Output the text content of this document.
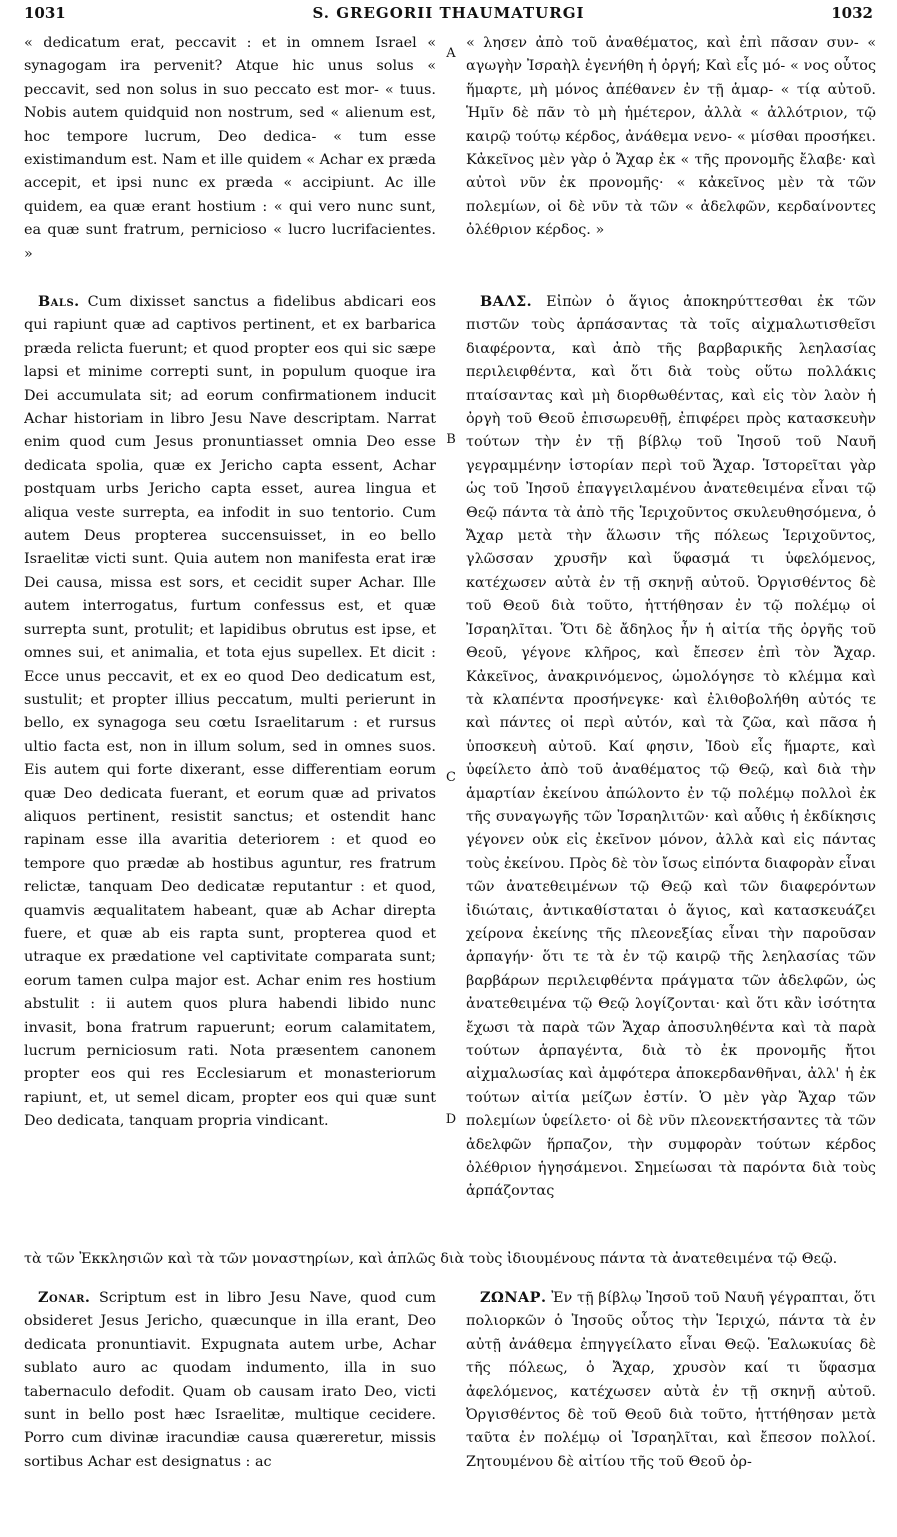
1031	S. GREGORII THAUMATURGI	1032

« dedicatum erat, peccavit : et in omnem Israel « synagogam ira pervenit? Atque hic unus solus « peccavit, sed non solus in suo peccato est mor- « tuus. Nobis autem quidquid non nostrum, sed « alienum est, hoc tempore lucrum, Deo dedica- « tum esse existimandum est. Nam et ille quidem « Achar ex præda accepit, et ipsi nunc ex præda « accipiunt. Ac ille quidem, ea quæ erant hostium : « qui vero nunc sunt, ea quæ sunt fratrum, pernicioso « lucro lucrifacientes. »

« λησεν ἀπὸ τοῦ ἀναθέματος, καὶ ἐπὶ πᾶσαν συν- « αγωγὴν Ἰσραὴλ ἐγενήθη ἡ ὀργή; Καὶ εἷς μό- « νος οὗτος ἥμαρτε, μὴ μόνος ἀπέθανεν ἐν τῇ ἁμαρ- « τίᾳ αὐτοῦ. Ἡμῖν δὲ πᾶν τὸ μὴ ἡμέτερον, ἀλλὰ « ἀλλότριον, τῷ καιρῷ τούτῳ κέρδος, ἀνάθεμα νενο- « μίσθαι προσήκει. Κἀκεῖνος μὲν γὰρ ὁ Ἄχαρ ἐκ « τῆς προνομῆς ἔλαβε· καὶ αὐτοὶ νῦν ἐκ προνομῆς· « κἀκεῖνος μὲν τὰ τῶν πολεμίων, οἱ δὲ νῦν τὰ τῶν « ἀδελφῶν, κερδαίνοντες ὀλέθριον κέρδος. »

A
B
C
D

Bals. Cum dixisset sanctus a fidelibus abdicari eos qui rapiunt quæ ad captivos pertinent, et ex barbarica præda relicta fuerunt; et quod propter eos qui sic sæpe lapsi et minime correpti sunt, in populum quoque ira Dei accumulata sit; ad eorum confirmationem inducit Achar historiam in libro Jesu Nave descriptam. Narrat enim quod cum Jesus pronuntiasset omnia Deo esse dedicata spolia, quæ ex Jericho capta essent, Achar postquam urbs Jericho capta esset, aurea lingua et aliqua veste surrepta, ea infodit in suo tentorio. Cum autem Deus propterea succensuisset, in eo bello Israelitæ victi sunt. Quia autem non manifesta erat iræ Dei causa, missa est sors, et cecidit super Achar. Ille autem interrogatus, furtum confessus est, et quæ surrepta sunt, protulit; et lapidibus obrutus est ipse, et omnes sui, et animalia, et tota ejus supellex. Et dicit : Ecce unus peccavit, et ex eo quod Deo dedicatum est, sustulit; et propter illius peccatum, multi perierunt in bello, ex synagoga seu cœtu Israelitarum : et rursus ultio facta est, non in illum solum, sed in omnes suos. Eis autem qui forte dixerant, esse differentiam eorum quæ Deo dedicata fuerant, et eorum quæ ad privatos aliquos pertinent, resistit sanctus; et ostendit hanc rapinam esse illa avaritia deteriorem : et quod eo tempore quo prædæ ab hostibus aguntur, res fratrum relictæ, tanquam Deo dedicatæ reputantur : et quod, quamvis æqualitatem habeant, quæ ab Achar direpta fuere, et quæ ab eis rapta sunt, propterea quod et utraque ex prædatione vel captivitate comparata sunt; eorum tamen culpa major est. Achar enim res hostium abstulit : ii autem quos plura habendi libido nunc invasit, bona fratrum rapuerunt; eorum calamitatem, lucrum perniciosum rati. Nota præsentem canonem propter eos qui res Ecclesiarum et monasteriorum rapiunt, et, ut semel dicam, propter eos qui quæ sunt Deo dedicata, tanquam propria vindicant.

ΒΑΛΣ. Εἰπὼν ὁ ἅγιος ἀποκηρύττεσθαι ἐκ τῶν πιστῶν τοὺς ἁρπάσαντας τὰ τοῖς αἰχμαλωτισθεῖσι διαφέροντα, καὶ ἀπὸ τῆς βαρβαρικῆς λεηλασίας περιλειφθέντα, καὶ ὅτι διὰ τοὺς οὕτω πολλάκις πταίσαντας καὶ μὴ διορθωθέντας, καὶ εἰς τὸν λαὸν ἡ ὀργὴ τοῦ Θεοῦ ἐπισωρευθῇ, ἐπιφέρει πρὸς κατασκευὴν τούτων τὴν ἐν τῇ βίβλῳ τοῦ Ἰησοῦ τοῦ Ναυῆ γεγραμμένην ἱστορίαν περὶ τοῦ Ἄχαρ. Ἱστορεῖται γὰρ ὡς τοῦ Ἰησοῦ ἐπαγγειλαμένου ἀνατεθειμένα εἶναι τῷ Θεῷ πάντα τὰ ἀπὸ τῆς Ἱεριχοῦντος σκυλευθησόμενα, ὁ Ἄχαρ μετὰ τὴν ἅλωσιν τῆς πόλεως Ἱεριχοῦντος, γλῶσσαν χρυσῆν καὶ ὕφασμά τι ὑφελόμενος, κατέχωσεν αὐτὰ ἐν τῇ σκηνῇ αὐτοῦ. Ὀργισθέντος δὲ τοῦ Θεοῦ διὰ τοῦτο, ἡττήθησαν ἐν τῷ πολέμῳ οἱ Ἰσραηλῖται. Ὅτι δὲ ἄδηλος ἦν ἡ αἰτία τῆς ὀργῆς τοῦ Θεοῦ, γέγονε κλῆρος, καὶ ἔπεσεν ἐπὶ τὸν Ἄχαρ. Κἀκεῖνος, ἀνακρινόμενος, ὡμολόγησε τὸ κλέμμα καὶ τὰ κλαπέντα προσήνεγκε· καὶ ἐλιθοβολήθη αὐτός τε καὶ πάντες οἱ περὶ αὐτόν, καὶ τὰ ζῶα, καὶ πᾶσα ἡ ὑποσκευὴ αὐτοῦ. Καί φησιν, Ἰδοὺ εἷς ἥμαρτε, καὶ ὑφείλετο ἀπὸ τοῦ ἀναθέματος τῷ Θεῷ, καὶ διὰ τὴν ἁμαρτίαν ἐκείνου ἀπώλοντο ἐν τῷ πολέμῳ πολλοὶ ἐκ τῆς συναγωγῆς τῶν Ἰσραηλιτῶν· καὶ αὖθις ἡ ἐκδίκησις γέγονεν οὐκ εἰς ἐκεῖνον μόνον, ἀλλὰ καὶ εἰς πάντας τοὺς ἐκείνου. Πρὸς δὲ τὸν ἴσως εἰπόντα διαφορὰν εἶναι τῶν ἀνατεθειμένων τῷ Θεῷ καὶ τῶν διαφερόντων ἰδιώταις, ἀντικαθίσταται ὁ ἅγιος, καὶ κατασκευάζει χείρονα ἐκείνης τῆς πλεονεξίας εἶναι τὴν παροῦσαν ἁρπαγήν· ὅτι τε τὰ ἐν τῷ καιρῷ τῆς λεηλασίας τῶν βαρβάρων περιλειφθέντα πράγματα τῶν ἀδελφῶν, ὡς ἀνατεθειμένα τῷ Θεῷ λογίζονται· καὶ ὅτι κἂν ἰσότητα ἔχωσι τὰ παρὰ τῶν Ἄχαρ ἀποσυληθέντα καὶ τὰ παρὰ τούτων ἁρπαγέντα, διὰ τὸ ἐκ προνομῆς ἤτοι αἰχμαλωσίας καὶ ἀμφότερα ἀποκερδανθῆναι, ἀλλ' ἡ ἐκ τούτων αἰτία μείζων ἐστίν. Ὁ μὲν γὰρ Ἄχαρ τῶν πολεμίων ὑφείλετο· οἱ δὲ νῦν πλεονεκτήσαντες τὰ τῶν ἀδελφῶν ἥρπαζον, τὴν συμφορὰν τούτων κέρδος ὀλέθριον ἡγησάμενοι. Σημείωσαι τὰ παρόντα διὰ τοὺς ἁρπάζοντας

τὰ τῶν Ἐκκλησιῶν καὶ τὰ τῶν μοναστηρίων, καὶ ἁπλῶς διὰ τοὺς ἰδιουμένους πάντα τὰ ἀνατεθειμένα τῷ Θεῷ.

Zonar. Scriptum est in libro Jesu Nave, quod cum obsideret Jesus Jericho, quæcunque in illa erant, Deo dedicata pronuntiavit. Expugnata autem urbe, Achar sublato auro ac quodam indumento, illa in suo tabernaculo defodit. Quam ob causam irato Deo, victi sunt in bello post hæc Israelitæ, multique cecidere. Porro cum divinæ iracundiæ causa quæreretur, missis sortibus Achar est designatus : ac

ΖΩΝΑΡ. Ἐν τῇ βίβλῳ Ἰησοῦ τοῦ Ναυῆ γέγραπται, ὅτι πολιορκῶν ὁ Ἰησοῦς οὗτος τὴν Ἱεριχώ, πάντα τὰ ἐν αὐτῇ ἀνάθεμα ἐπηγγείλατο εἶναι Θεῷ. Ἑαλωκυίας δὲ τῆς πόλεως, ὁ Ἄχαρ, χρυσὸν καί τι ὕφασμα ἀφελόμενος, κατέχωσεν αὐτὰ ἐν τῇ σκηνῇ αὐτοῦ. Ὀργισθέντος δὲ τοῦ Θεοῦ διὰ τοῦτο, ἡττήθησαν μετὰ ταῦτα ἐν πολέμῳ οἱ Ἰσραηλῖται, καὶ ἔπεσον πολλοί. Ζητουμένου δὲ αἰτίου τῆς τοῦ Θεοῦ ὀρ-
